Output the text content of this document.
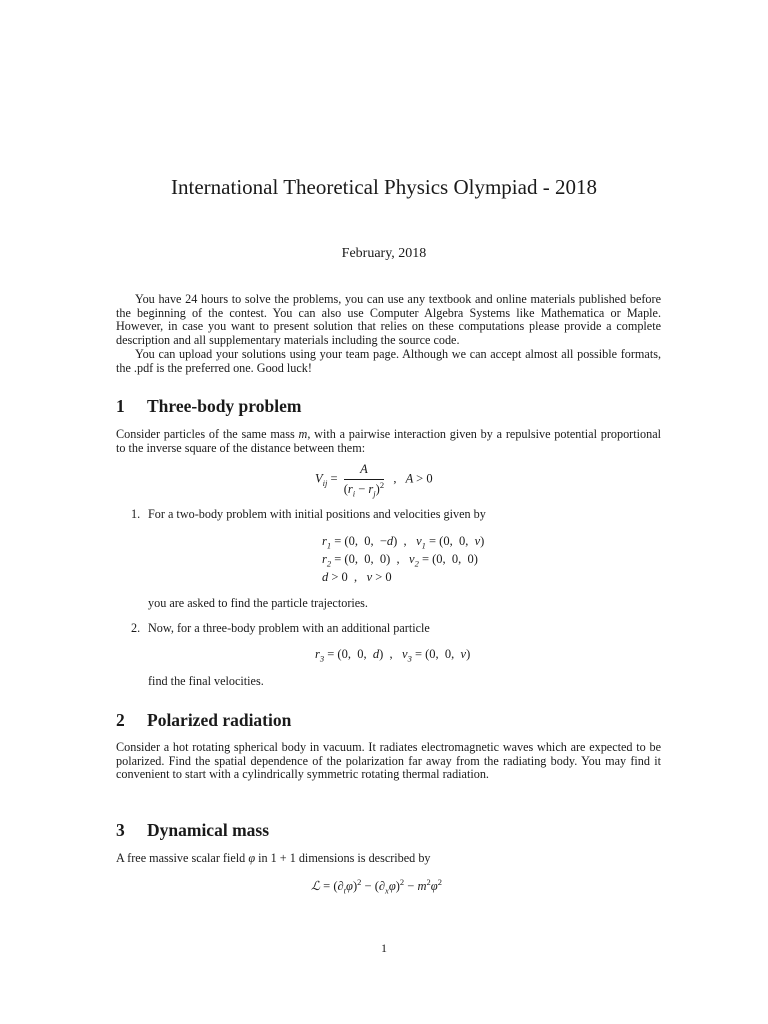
International Theoretical Physics Olympiad - 2018
February, 2018

You have 24 hours to solve the problems, you can use any textbook and online materials published before the beginning of the contest. You can also use Computer Algebra Systems like Mathematica or Maple. However, in case you want to present solution that relies on these computations please provide a complete description and all supplementary materials including the source code.

You can upload your solutions using your team page. Although we can accept almost all possible formats, the .pdf is the preferred one. Good luck!

1 Three-body problem

Consider particles of the same mass m, with a pairwise interaction given by a repulsive potential proportional to the inverse square of the distance between them:

$V_{ij} = \frac{A}{(r_i - r_j)^2}$ ,   A > 0
1. For a two-body problem with initial positions and velocities given by
$r_1 = (0$,  0,  −d)  ,   $v_1 = (0$,  0,  v)
$r_2 = (0$,  0,  0)  ,   $v_2 = (0$,  0,  0)
d > 0  ,   v > 0
you are asked to find the particle trajectories.
2. Now, for a three-body problem with an additional particle
$r_3 = (0$,  0,  d)  ,   $v_3 = (0$,  0,  v)
find the final velocities.
2 Polarized radiation

Consider a hot rotating spherical body in vacuum. It radiates electromagnetic waves which are expected to be polarized. Find the spatial dependence of the polarization far away from the radiating body. You may find it convenient to start with a cylindrically symmetric rotating thermal radiation.

3 Dynamical mass

A free massive scalar field φ in 1 + 1 dimensions is described by

ℒ = $(\partial_t\varphi)^2 - (\partial_x\varphi)^2 - m^2\varphi^2$
1
